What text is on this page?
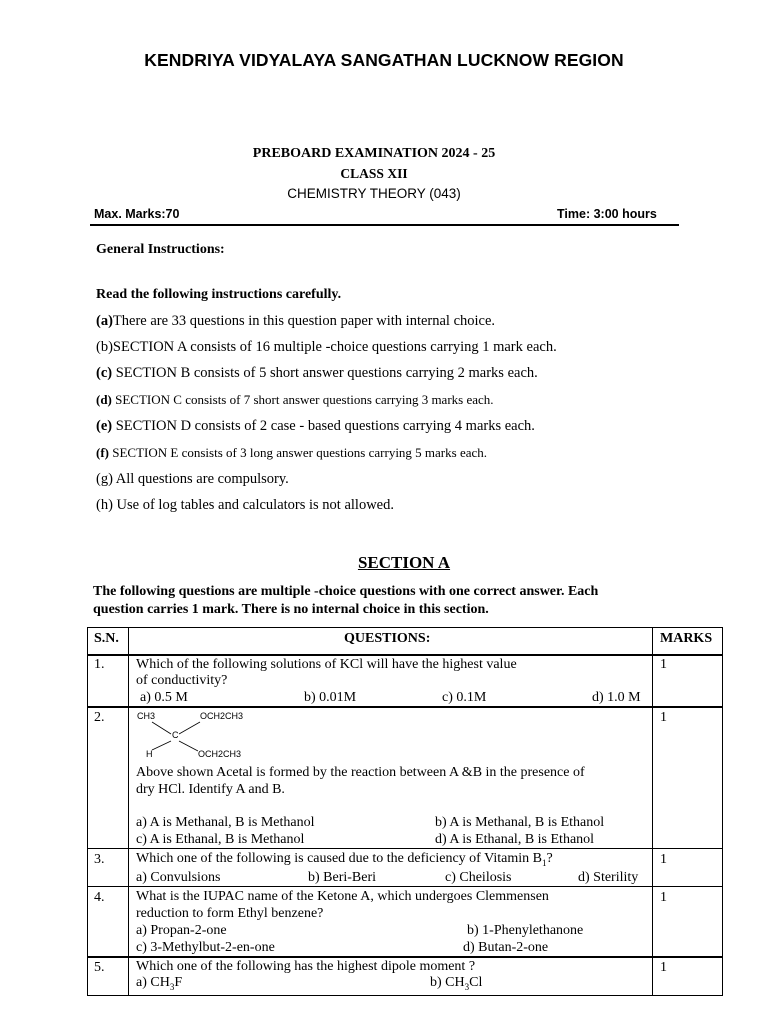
KENDRIYA VIDYALAYA SANGATHAN LUCKNOW REGION
PREBOARD EXAMINATION 2024 - 25
CLASS XII
CHEMISTRY THEORY (043)
Max. Marks:70	Time: 3:00 hours
General Instructions:
Read the following instructions carefully.
(a)There are 33 questions in this question paper with internal choice.
(b)SECTION A consists of 16 multiple -choice questions carrying 1 mark each.
(c) SECTION B consists of 5 short answer questions carrying 2 marks each.
(d) SECTION C consists of 7 short answer questions carrying 3 marks each.
(e) SECTION D consists of 2 case - based questions carrying 4 marks each.
(f) SECTION E consists of 3 long answer questions carrying 5 marks each.
(g) All questions are compulsory.
(h) Use of log tables and calculators is not allowed.
SECTION A
The following questions are multiple -choice questions with one correct answer. Each
question carries 1 mark. There is no internal choice in this section.
S.N.	QUESTIONS:	MARKS
1. Which of the following solutions of KCl will have the highest value
of conductivity?
a) 0.5 M	b) 0.01M	c) 0.1M	d) 1.0 M
1
2.	CH3	OCH2CH3
C
H	OCH2CH3
Above shown Acetal is formed by the reaction between A &B in the presence of
dry HCl. Identify A and B.
a) A is Methanal, B is Methanol	b) A is Methanal, B is Ethanol
c) A is Ethanal, B is Methanol	d) A is Ethanal, B is Ethanol
1
3. Which one of the following is caused due to the deficiency of Vitamin $B_1$?
a) Convulsions	b) Beri-Beri	c) Cheilosis	d) Sterility
1
4. What is the IUPAC name of the Ketone A, which undergoes Clemmensen
reduction to form Ethyl benzene?
a) Propan-2-one	b) 1-Phenylethanone
c) 3-Methylbut-2-en-one	d) Butan-2-one
1
5. Which one of the following has the highest dipole moment ?
a) $CH_3F$	b) $CH_3Cl$
1
